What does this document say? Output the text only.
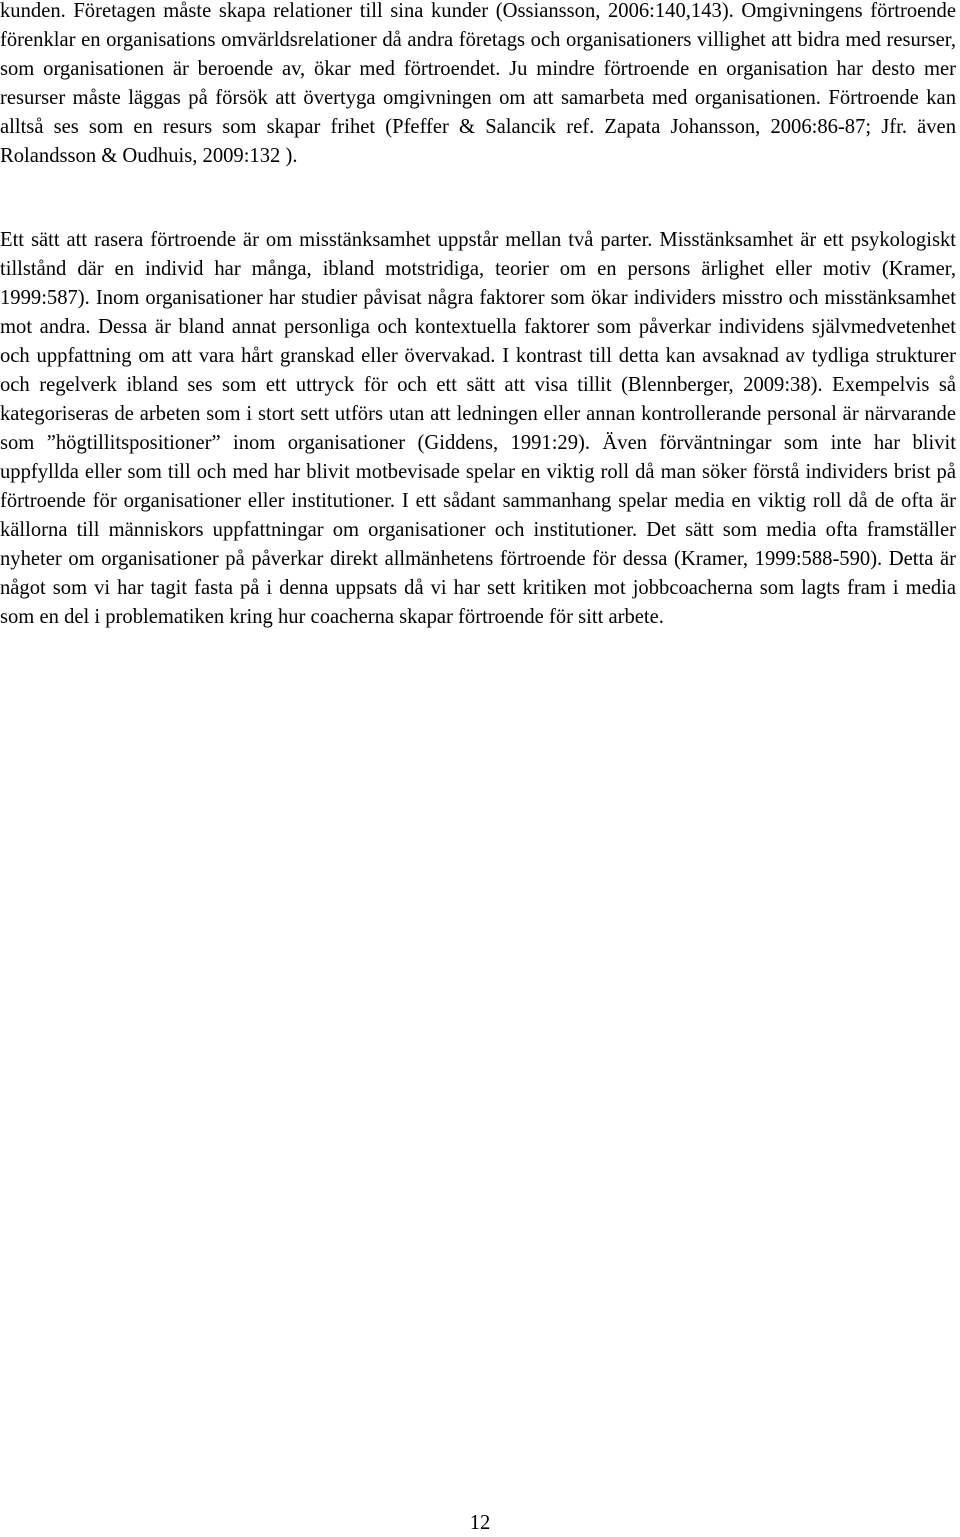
kunden. Företagen måste skapa relationer till sina kunder (Ossiansson, 2006:140,143). Omgivningens förtroende förenklar en organisations omvärldsrelationer då andra företags och organisationers villighet att bidra med resurser, som organisationen är beroende av, ökar med förtroendet. Ju mindre förtroende en organisation har desto mer resurser måste läggas på försök att övertyga omgivningen om att samarbeta med organisationen. Förtroende kan alltså ses som en resurs som skapar frihet (Pfeffer & Salancik ref. Zapata Johansson, 2006:86-87; Jfr. även Rolandsson & Oudhuis, 2009:132 ).

Ett sätt att rasera förtroende är om misstänksamhet uppstår mellan två parter. Misstänksamhet är ett psykologiskt tillstånd där en individ har många, ibland motstridiga, teorier om en persons ärlighet eller motiv (Kramer, 1999:587). Inom organisationer har studier påvisat några faktorer som ökar individers misstro och misstänksamhet mot andra. Dessa är bland annat personliga och kontextuella faktorer som påverkar individens självmedvetenhet och uppfattning om att vara hårt granskad eller övervakad. I kontrast till detta kan avsaknad av tydliga strukturer och regelverk ibland ses som ett uttryck för och ett sätt att visa tillit (Blennberger, 2009:38). Exempelvis så kategoriseras de arbeten som i stort sett utförs utan att ledningen eller annan kontrollerande personal är närvarande som ”högtillitspositioner” inom organisationer (Giddens, 1991:29). Även förväntningar som inte har blivit uppfyllda eller som till och med har blivit motbevisade spelar en viktig roll då man söker förstå individers brist på förtroende för organisationer eller institutioner. I ett sådant sammanhang spelar media en viktig roll då de ofta är källorna till människors uppfattningar om organisationer och institutioner. Det sätt som media ofta framställer nyheter om organisationer på påverkar direkt allmänhetens förtroende för dessa (Kramer, 1999:588-590). Detta är något som vi har tagit fasta på i denna uppsats då vi har sett kritiken mot jobbcoacherna som lagts fram i media som en del i problematiken kring hur coacherna skapar förtroende för sitt arbete.

12
